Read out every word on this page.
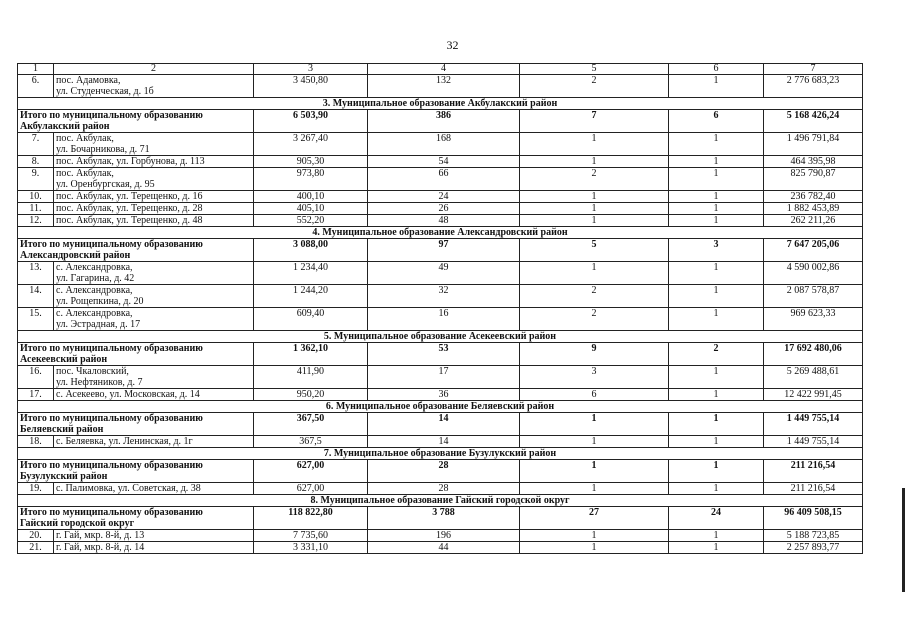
32
1	2	3	4	5	6	7
6.	пос. Адамовка,
ул. Студенческая, д. 1б	3 450,80	132	2	1	2 776 683,23
3. Муниципальное образование Акбулакский район						

Итого по муниципальному образованию
Акбулакский район		6 503,90	386	7	6	5 168 426,24
7.	пос. Акбулак,
ул. Бочарникова, д. 71	3 267,40	168	1	1	1 496 791,84
8.	пос. Акбулак, ул. Горбунова, д. 113	905,30	54	1	1	464 395,98
9.	пос. Акбулак,
ул. Оренбургская, д. 95	973,80	66	2	1	825 790,87
10.	пос. Акбулак, ул. Терещенко, д. 16	400,10	24	1	1	236 782,40
11.	пос. Акбулак, ул. Терещенко, д. 28	405,10	26	1	1	1 882 453,89
12.	пос. Акбулак, ул. Терещенко, д. 48	552,20	48	1	1	262 211,26
4. Муниципальное образование Александровский район						

Итого по муниципальному образованию
Александровский район		3 088,00	97	5	3	7 647 205,06
13.	с. Александровка,
ул. Гагарина, д. 42	1 234,40	49	1	1	4 590 002,86
14.	с. Александровка,
ул. Рощепкина, д. 20	1 244,20	32	2	1	2 087 578,87
15.	с. Александровка,
ул. Эстрадная, д. 17	609,40	16	2	1	969 623,33
5. Муниципальное образование Асекеевский район						

Итого по муниципальному образованию
Асекеевский район		1 362,10	53	9	2	17 692 480,06
16.	пос. Чкаловский,
ул. Нефтяников, д. 7	411,90	17	3	1	5 269 488,61
17.	с. Асекеево, ул. Московская, д. 14	950,20	36	6	1	12 422 991,45
6. Муниципальное образование Беляевский район						

Итого по муниципальному образованию
Беляевский район		367,50	14	1	1	1 449 755,14
18.	с. Беляевка, ул. Ленинская, д. 1г	367,5	14	1	1	1 449 755,14
7. Муниципальное образование Бузулукский район						

Итого по муниципальному образованию
Бузулукский район		627,00	28	1	1	211 216,54
19.	с. Палимовка, ул. Советская, д. 38	627,00	28	1	1	211 216,54
8. Муниципальное образование Гайский городской округ						

Итого по муниципальному образованию
Гайский городской округ		118 822,80	3 788	27	24	96 409 508,15
20.	г. Гай, мкр. 8-й, д. 13	7 735,60	196	1	1	5 188 723,85
21.	г. Гай, мкр. 8-й, д. 14	3 331,10	44	1	1	2 257 893,77
